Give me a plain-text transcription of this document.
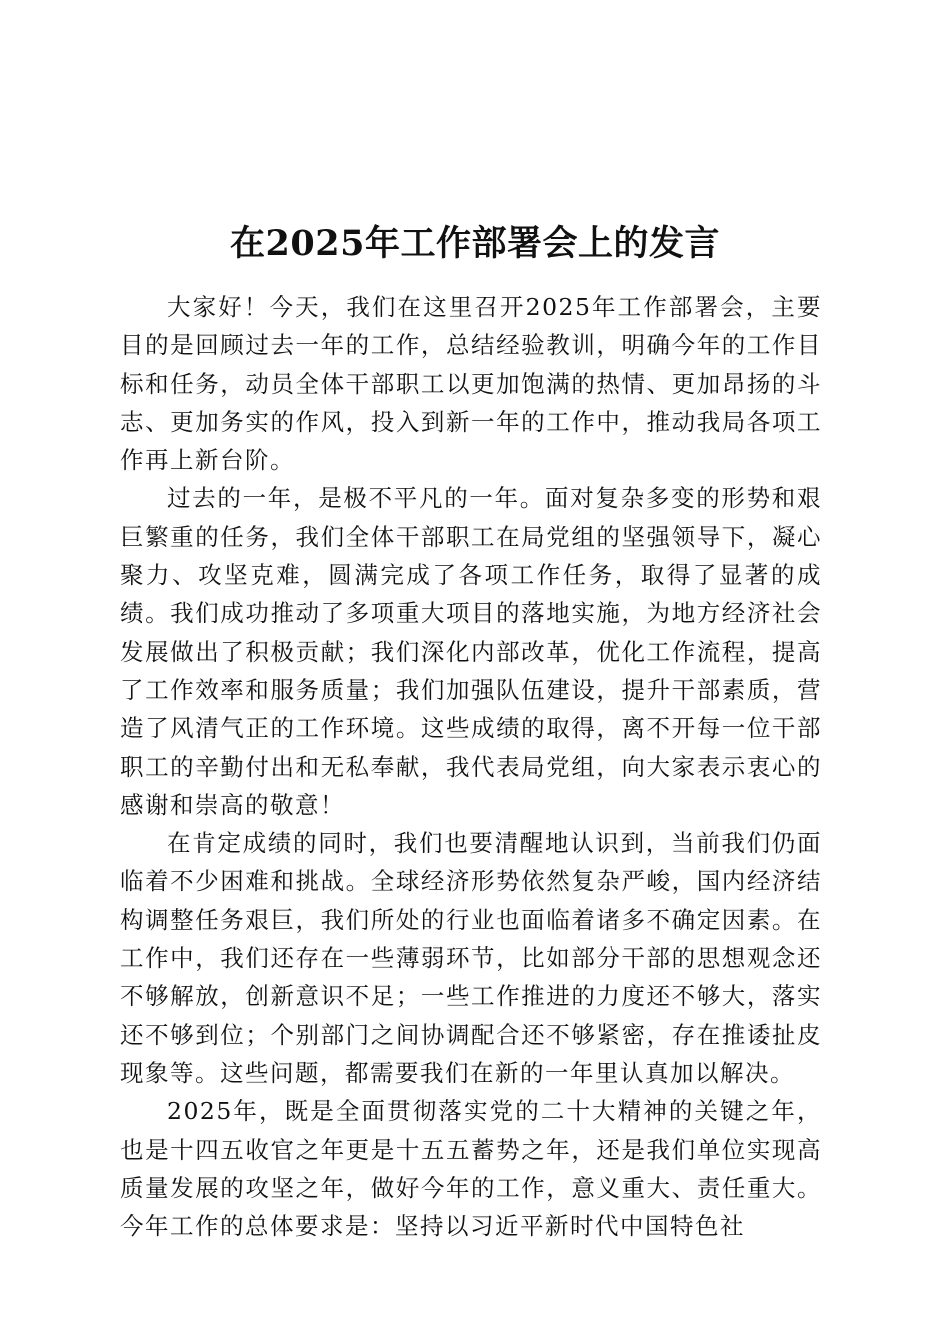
在2025年工作部署会上的发言

大家好！今天，我们在这里召开2025年工作部署会，主要目的是回顾过去一年的工作，总结经验教训，明确今年的工作目标和任务，动员全体干部职工以更加饱满的热情、更加昂扬的斗志、更加务实的作风，投入到新一年的工作中，推动我局各项工作再上新台阶。

过去的一年，是极不平凡的一年。面对复杂多变的形势和艰巨繁重的任务，我们全体干部职工在局党组的坚强领导下，凝心聚力、攻坚克难，圆满完成了各项工作任务，取得了显著的成绩。我们成功推动了多项重大项目的落地实施，为地方经济社会发展做出了积极贡献；我们深化内部改革，优化工作流程，提高了工作效率和服务质量；我们加强队伍建设，提升干部素质，营造了风清气正的工作环境。这些成绩的取得，离不开每一位干部职工的辛勤付出和无私奉献，我代表局党组，向大家表示衷心的感谢和崇高的敬意！

在肯定成绩的同时，我们也要清醒地认识到，当前我们仍面临着不少困难和挑战。全球经济形势依然复杂严峻，国内经济结构调整任务艰巨，我们所处的行业也面临着诸多不确定因素。在工作中，我们还存在一些薄弱环节，比如部分干部的思想观念还不够解放，创新意识不足；一些工作推进的力度还不够大，落实还不够到位；个别部门之间协调配合还不够紧密，存在推诿扯皮现象等。这些问题，都需要我们在新的一年里认真加以解决。

2025年，既是全面贯彻落实党的二十大精神的关键之年，也是十四五收官之年更是十五五蓄势之年，还是我们单位实现高质量发展的攻坚之年，做好今年的工作，意义重大、责任重大。今年工作的总体要求是：坚持以习近平新时代中国特色社
